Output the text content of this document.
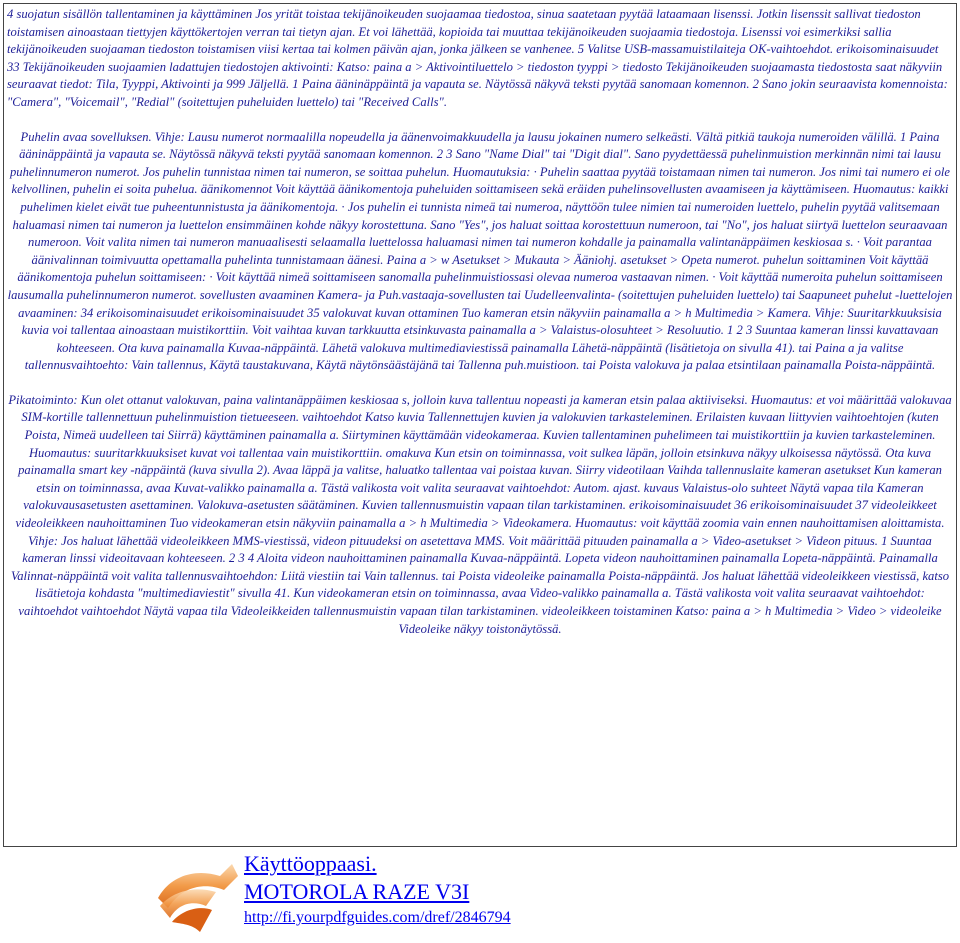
4 suojatun sisällön tallentaminen ja käyttäminen Jos yrität toistaa tekijänoikeuden suojaamaa tiedostoa, sinua saatetaan pyytää lataamaan lisenssi. Jotkin lisenssit sallivat tiedoston toistamisen ainoastaan tiettyjen käyttökertojen verran tai tietyn ajan. Et voi lähettää, kopioida tai muuttaa tekijänoikeuden suojaamia tiedostoja. Lisenssi voi esimerkiksi sallia tekijänoikeuden suojaaman tiedoston toistamisen viisi kertaa tai kolmen päivän ajan, jonka jälkeen se vanhenee. 5 Valitse USB-massamuistilaiteja OK-vaihtoehdot. erikoisominaisuudet 33 Tekijänoikeuden suojaamien ladattujen tiedostojen aktivointi: Katso: paina a > Aktivointiluettelo > tiedoston tyyppi > tiedosto Tekijänoikeuden suojaamasta tiedostosta saat näkyviin seuraavat tiedot: Tila, Tyyppi, Aktivointi ja 999 Jäljellä. 1 Paina ääninäppäintä ja vapauta se. Näytössä näkyvä teksti pyytää sanomaan komennon. 2 Sano jokin seuraavista komennoista: "Camera", "Voicemail", "Redial" (soitettujen puheluiden luettelo) tai "Received Calls".

Puhelin avaa sovelluksen. Vihje: Lausu numerot normaalilla nopeudella ja äänenvoimakkuudella ja lausu jokainen numero selkeästi. Vältä pitkiä taukoja numeroiden välillä. 1 Paina ääninäppäintä ja vapauta se. Näytössä näkyvä teksti pyytää sanomaan komennon. 2 3 Sano "Name Dial" tai "Digit dial". Sano pyydettäessä puhelinmuistion merkinnän nimi tai lausu puhelinnumeron numerot. Jos puhelin tunnistaa nimen tai numeron, se soittaa puhelun. Huomautuksia: · Puhelin saattaa pyytää toistamaan nimen tai numeron. Jos nimi tai numero ei ole kelvollinen, puhelin ei soita puhelua. äänikomennot Voit käyttää äänikomentoja puheluiden soittamiseen sekä eräiden puhelinsovellusten avaamiseen ja käyttämiseen. Huomautus: kaikki puhelimen kielet eivät tue puheentunnistusta ja äänikomentoja. · Jos puhelin ei tunnista nimeä tai numeroa, näyttöön tulee nimien tai numeroiden luettelo, puhelin pyytää valitsemaan haluamasi nimen tai numeron ja luettelon ensimmäinen kohde näkyy korostettuna. Sano "Yes", jos haluat soittaa korostettuun numeroon, tai "No", jos haluat siirtyä luettelon seuraavaan numeroon. Voit valita nimen tai numeron manuaalisesti selaamalla luettelossa haluamasi nimen tai numeron kohdalle ja painamalla valintanäppäimen keskiosaa s. · Voit parantaa äänivalinnan toimivuutta opettamalla puhelinta tunnistamaan äänesi. Paina a > w Asetukset > Mukauta > Ääniohj. asetukset > Opeta numerot. puhelun soittaminen Voit käyttää äänikomentoja puhelun soittamiseen: · Voit käyttää nimeä soittamiseen sanomalla puhelinmuistiossasi olevaa numeroa vastaavan nimen. · Voit käyttää numeroita puhelun soittamiseen lausumalla puhelinnumeron numerot. sovellusten avaaminen Kamera- ja Puh.vastaaja-sovellusten tai Uudelleenvalinta- (soitettujen puheluiden luettelo) tai Saapuneet puhelut -luettelojen avaaminen: 34 erikoisominaisuudet erikoisominaisuudet 35 valokuvat kuvan ottaminen Tuo kameran etsin näkyviin painamalla a > h Multimedia > Kamera. Vihje: Suuritarkkuuksisia kuvia voi tallentaa ainoastaan muistikorttiin. Voit vaihtaa kuvan tarkkuutta etsinkuvasta painamalla a > Valaistus-olosuhteet > Resoluutio. 1 2 3 Suuntaa kameran linssi kuvattavaan kohteeseen. Ota kuva painamalla Kuvaa-näppäintä. Lähetä valokuva multimediaviestissä painamalla Lähetä-näppäintä (lisätietoja on sivulla 41). tai Paina a ja valitse tallennusvaihtoehto: Vain tallennus, Käytä taustakuvana, Käytä näytönsäästäjänä tai Tallenna puh.muistioon. tai Poista valokuva ja palaa etsintilaan painamalla Poista-näppäintä.

Pikatoiminto: Kun olet ottanut valokuvan, paina valintanäppäimen keskiosaa s, jolloin kuva tallentuu nopeasti ja kameran etsin palaa aktiiviseksi. Huomautus: et voi määrittää valokuvaa SIM-kortille tallennettuun puhelinmuistion tietueeseen. vaihtoehdot Katso kuvia Tallennettujen kuvien ja valokuvien tarkasteleminen. Erilaisten kuvaan liittyvien vaihtoehtojen (kuten Poista, Nimeä uudelleen tai Siirrä) käyttäminen painamalla a. Siirtyminen käyttämään videokameraa. Kuvien tallentaminen puhelimeen tai muistikorttiin ja kuvien tarkasteleminen. Huomautus: suuritarkkuuksiset kuvat voi tallentaa vain muistikorttiin. omakuva Kun etsin on toiminnassa, voit sulkea läpän, jolloin etsinkuva näkyy ulkoisessa näytössä. Ota kuva painamalla smart key -näppäintä (kuva sivulla 2). Avaa läppä ja valitse, haluatko tallentaa vai poistaa kuvan. Siirry videotilaan Vaihda tallennuslaite kameran asetukset Kun kameran etsin on toiminnassa, avaa Kuvat-valikko painamalla a. Tästä valikosta voit valita seuraavat vaihtoehdot: Autom. ajast. kuvaus Valaistus-olo suhteet Näytä vapaa tila Kameran valokuvausasetusten asettaminen. Valokuva-asetusten säätäminen. Kuvien tallennusmuistin vapaan tilan tarkistaminen. erikoisominaisuudet 36 erikoisominaisuudet 37 videoleikkeet videoleikkeen nauhoittaminen Tuo videokameran etsin näkyviin painamalla a > h Multimedia > Videokamera. Huomautus: voit käyttää zoomia vain ennen nauhoittamisen aloittamista. Vihje: Jos haluat lähettää videoleikkeen MMS-viestissä, videon pituudeksi on asetettava MMS. Voit määrittää pituuden painamalla a > Video-asetukset > Videon pituus. 1 Suuntaa kameran linssi videoitavaan kohteeseen. 2 3 4 Aloita videon nauhoittaminen painamalla Kuvaa-näppäintä. Lopeta videon nauhoittaminen painamalla Lopeta-näppäintä. Painamalla Valinnat-näppäintä voit valita tallennusvaihtoehdon: Liitä viestiin tai Vain tallennus. tai Poista videoleike painamalla Poista-näppäintä. Jos haluat lähettää videoleikkeen viestissä, katso lisätietoja kohdasta "multimediaviestit" sivulla 41. Kun videokameran etsin on toiminnassa, avaa Video-valikko painamalla a. Tästä valikosta voit valita seuraavat vaihtoehdot: vaihtoehdot vaihtoehdot Näytä vapaa tila Videoleikkeiden tallennusmuistin vapaan tilan tarkistaminen. videoleikkeen toistaminen Katso: paina a > h Multimedia > Video > videoleike Videoleike näkyy toistonäytössä.

Käyttöoppaasi.
MOTOROLA RAZE V3I
http://fi.yourpdfguides.com/dref/2846794
